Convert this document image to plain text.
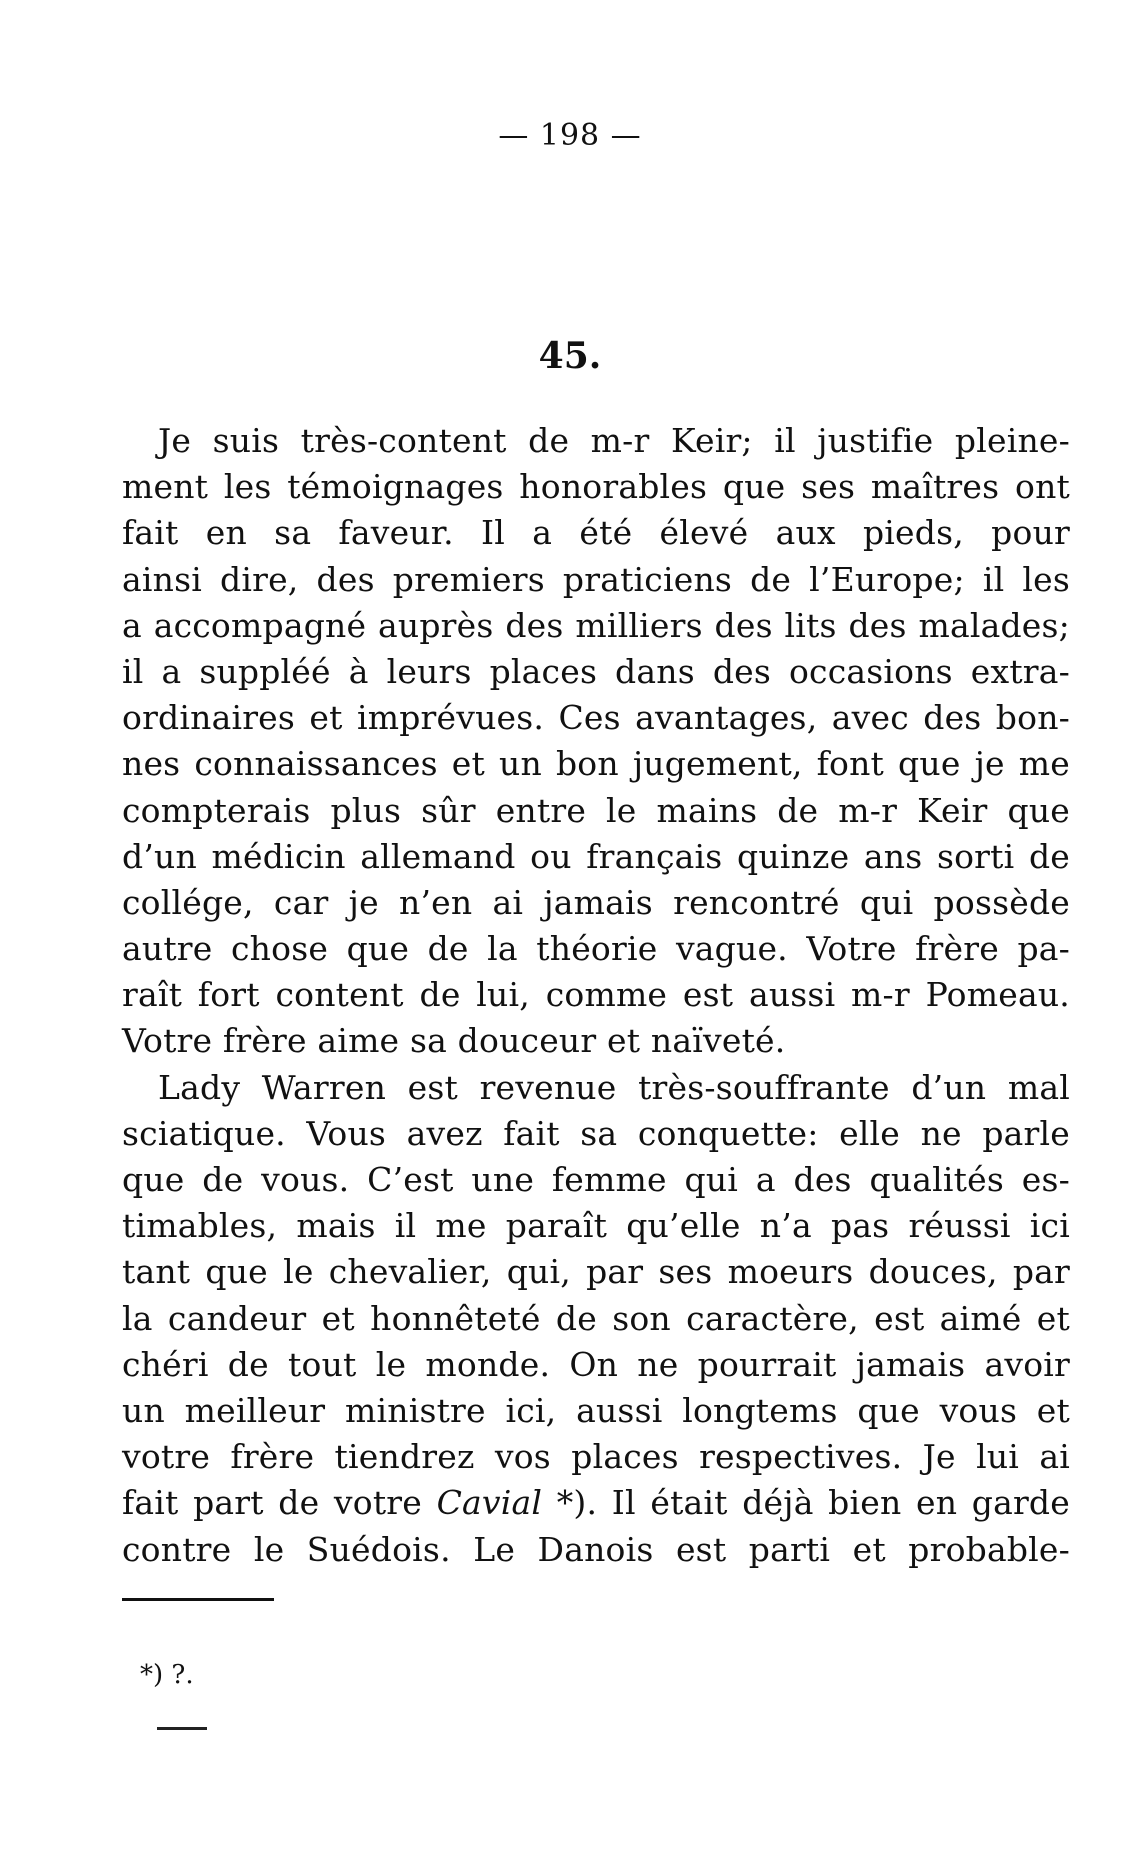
— 198 —
45.
Je suis très-content de m-r Keir; il justifie pleine-
ment les témoignages honorables que ses maîtres ont
fait en sa faveur. Il a été élevé aux pieds, pour
ainsi dire, des premiers praticiens de l’Europe; il les
a accompagné auprès des milliers des lits des malades;
il a suppléé à leurs places dans des occasions extra-
ordinaires et imprévues. Ces avantages, avec des bon-
nes connaissances et un bon jugement, font que je me
compterais plus sûr entre le mains de m-r Keir que
d’un médicin allemand ou français quinze ans sorti de
collége, car je n’en ai jamais rencontré qui possède
autre chose que de la théorie vague. Votre frère pa-
raît fort content de lui, comme est aussi m-r Pomeau.
Votre frère aime sa douceur et naïveté.
Lady Warren est revenue très-souffrante d’un mal
sciatique. Vous avez fait sa conquette: elle ne parle
que de vous. C’est une femme qui a des qualités es-
timables, mais il me paraît qu’elle n’a pas réussi ici
tant que le chevalier, qui, par ses moeurs douces, par
la candeur et honnêteté de son caractère, est aimé et
chéri de tout le monde. On ne pourrait jamais avoir
un meilleur ministre ici, aussi longtems que vous et
votre frère tiendrez vos places respectives. Je lui ai
fait part de votre Cavial *). Il était déjà bien en garde
contre le Suédois. Le Danois est parti et probable-
*) ?.
